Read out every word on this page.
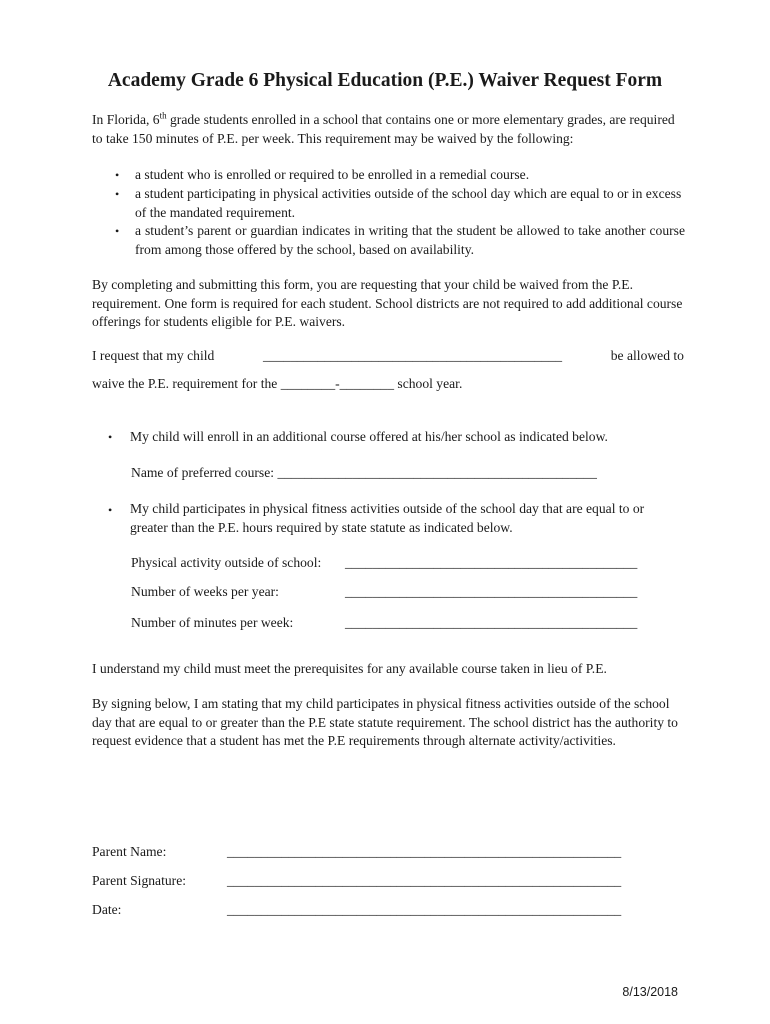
Academy Grade 6 Physical Education (P.E.) Waiver Request Form
In Florida, 6th grade students enrolled in a school that contains one or more elementary grades, are required to take 150 minutes of P.E. per week. This requirement may be waived by the following:
• a student who is enrolled or required to be enrolled in a remedial course.
• a student participating in physical activities outside of the school day which are equal to or in excess of the mandated requirement.
• a student’s parent or guardian indicates in writing that the student be allowed to take another course from among those offered by the school, based on availability.
By completing and submitting this form, you are requesting that your child be waived from the P.E. requirement. One form is required for each student. School districts are not required to add additional course offerings for students eligible for P.E. waivers.
I request that my child	____________________________________________	be allowed to
waive the P.E. requirement for the ________-________ school year.
• My child will enroll in an additional course offered at his/her school as indicated below.
Name of preferred course: _______________________________________________
• My child participates in physical fitness activities outside of the school day that are equal to or greater than the P.E. hours required by state statute as indicated below.
Physical activity outside of school: ___________________________________________
Number of weeks per year:	___________________________________________
Number of minutes per week:	___________________________________________
I understand my child must meet the prerequisites for any available course taken in lieu of P.E.
By signing below, I am stating that my child participates in physical fitness activities outside of the school day that are equal to or greater than the P.E state statute requirement. The school district has the authority to request evidence that a student has met the P.E requirements through alternate activity/activities.
Parent Name:	__________________________________________________________
Parent Signature:	__________________________________________________________
Date:	__________________________________________________________
8/13/2018
